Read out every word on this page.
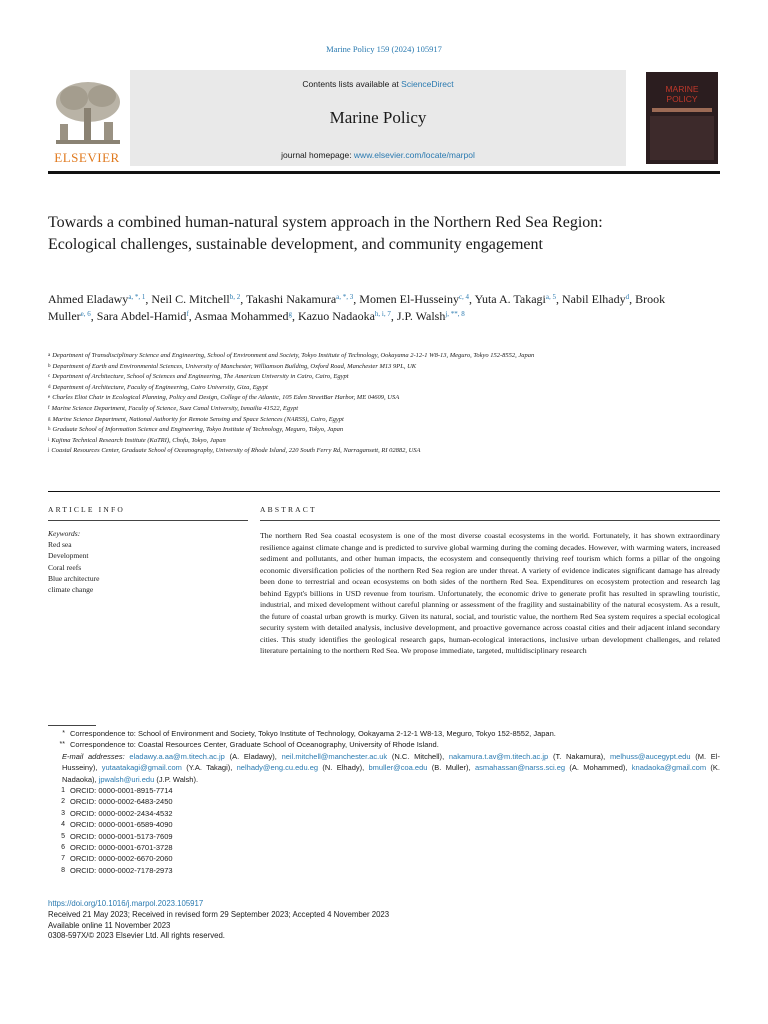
Marine Policy 159 (2024) 105917
ELSEVIER
Contents lists available at ScienceDirect
Marine Policy
journal homepage: www.elsevier.com/locate/marpol
MARINE POLICY
Towards a combined human-natural system approach in the Northern Red Sea Region: Ecological challenges, sustainable development, and community engagement
Ahmed Eladawy$^{a, *, 1}$, Neil C. Mitchell$^{b, 2}$, Takashi Nakamura$^{a, *, 3}$, Momen El-Husseiny$^{c, 4}$, Yuta A. Takagi$^{a, 5}$, Nabil Elhady$^d$, Brook Muller$^{e, 6}$, Sara Abdel-Hamid$^f$, Asmaa Mohammed$^g$, Kazuo Nadaoka$^{h, i, 7}$, J.P. Walsh$^{j, **, 8}$
$^a$ Department of Transdisciplinary Science and Engineering, School of Environment and Society, Tokyo Institute of Technology, Ookayama 2-12-1 W8-13, Meguro, Tokyo 152-8552, Japan
$^b$ Department of Earth and Environmental Sciences, University of Manchester, Williamson Building, Oxford Road, Manchester M13 9PL, UK
$^c$ Department of Architecture, School of Sciences and Engineering, The American University in Cairo, Cairo, Egypt
$^d$ Department of Architecture, Faculty of Engineering, Cairo University, Giza, Egypt
$^e$ Charles Eliot Chair in Ecological Planning, Policy and Design, College of the Atlantic, 105 Eden StreetBar Harbor, ME 04609, USA
$^f$ Marine Science Department, Faculty of Science, Suez Canal University, Ismailia 41522, Egypt
$^g$ Marine Science Department, National Authority for Remote Sensing and Space Sciences (NARSS), Cairo, Egypt
$^h$ Graduate School of Information Science and Engineering, Tokyo Institute of Technology, Meguro, Tokyo, Japan
$^i$ Kajima Technical Research Institute (KaTRI), Chofu, Tokyo, Japan
$^j$ Coastal Resources Center, Graduate School of Oceanography, University of Rhode Island, 220 South Ferry Rd, Narragansett, RI 02882, USA
ARTICLE INFO	ABSTRACT
Keywords:
Red sea
Development
Coral reefs
Blue architecture
climate change
The northern Red Sea coastal ecosystem is one of the most diverse coastal ecosystems in the world. Fortunately, it has shown extraordinary resilience against climate change and is predicted to survive global warming during the coming decades. However, with warming waters, increased sediment and pollutants, and other human impacts, the ecosystem and consequently thriving reef tourism which forms a pillar of the ongoing economic diversification policies of the northern Red Sea region are under threat. A variety of evidence indicates significant damage has already been done to terrestrial and ocean ecosystems on both sides of the northern Red Sea. Expenditures on ecosystem protection and research lag behind Egypt's billions in USD revenue from tourism. Unfortunately, the economic drive to generate profit has resulted in sprawling touristic, industrial, and mixed development without careful planning or assessment of the fragility and sustainability of the natural ecosystem. As a result, the future of coastal urban growth is murky. Given its natural, social, and touristic value, the northern Red Sea system requires a special ecological security system with detailed analysis, inclusive development, and proactive governance across coastal cities and their adjacent inland secondary cities. This study identifies the geological research gaps, human-ecological interactions, inclusive urban development challenges, and related literature pertaining to the northern Red Sea. We propose immediate, targeted, multidisciplinary research
* Correspondence to: School of Environment and Society, Tokyo Institute of Technology, Ookayama 2-12-1 W8-13, Meguro, Tokyo 152-8552, Japan.
** Correspondence to: Coastal Resources Center, Graduate School of Oceanography, University of Rhode Island.
E-mail addresses: eladawy.a.aa@m.titech.ac.jp (A. Eladawy), neil.mitchell@manchester.ac.uk (N.C. Mitchell), nakamura.t.av@m.titech.ac.jp (T. Nakamura), melhuss@aucegypt.edu (M. El-Husseiny), yutaatakagi@gmail.com (Y.A. Takagi), nelhady@eng.cu.edu.eg (N. Elhady), bmuller@coa.edu (B. Muller), asmahassan@narss.sci.eg (A. Mohammed), knadaoka@gmail.com (K. Nadaoka), jpwalsh@uri.edu (J.P. Walsh).
1 ORCID: 0000-0001-8915-7714
2 ORCID: 0000-0002-6483-2450
3 ORCID: 0000-0002-2434-4532
4 ORCID: 0000-0001-6589-4090
5 ORCID: 0000-0001-5173-7609
6 ORCID: 0000-0001-6701-3728
7 ORCID: 0000-0002-6670-2060
8 ORCID: 0000-0002-7178-2973
https://doi.org/10.1016/j.marpol.2023.105917
Received 21 May 2023; Received in revised form 29 September 2023; Accepted 4 November 2023
Available online 11 November 2023
0308-597X/© 2023 Elsevier Ltd. All rights reserved.
